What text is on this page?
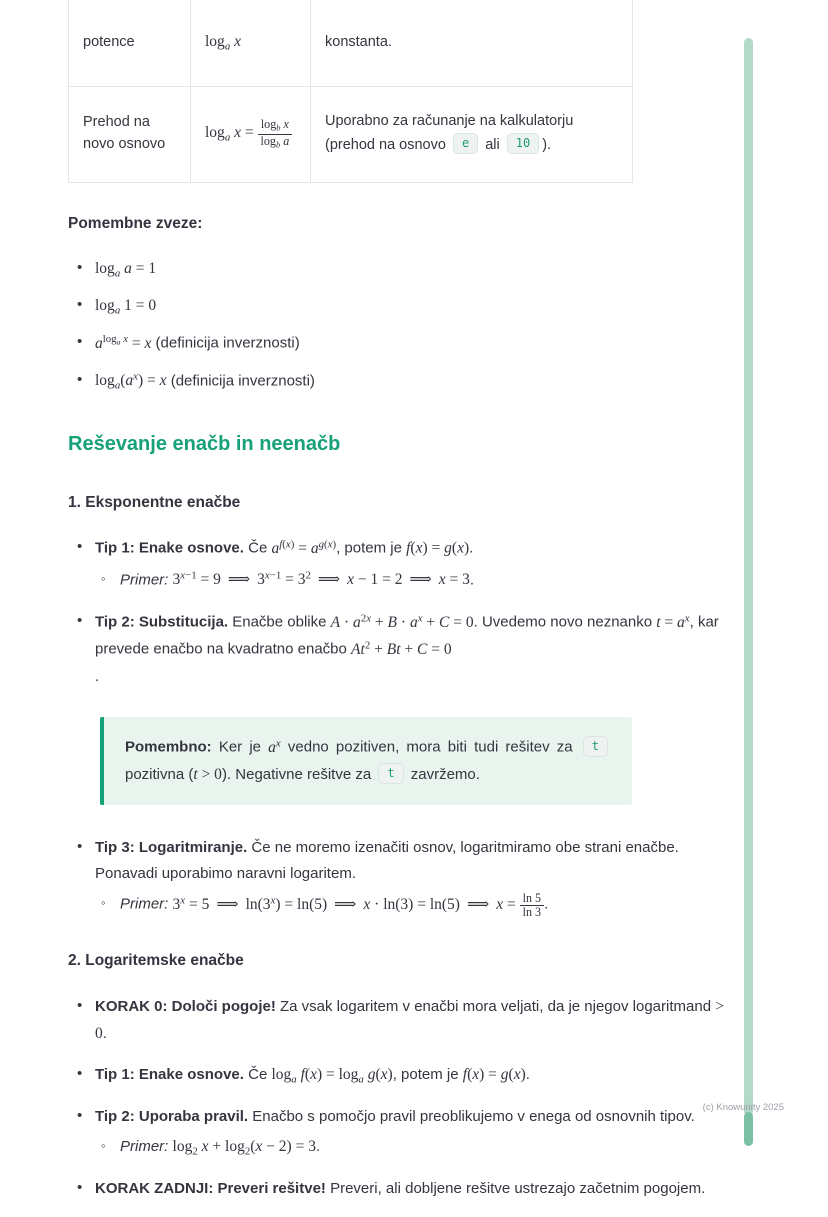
potence	$\log_a x$	konstanta.
Prehod na novo osnovo	$\log_a x = \frac{\log_b x}{\log_b a}$	Uporabno za računanje na kalkulatorju (prehod na osnovo e ali 10 ).

Pomembne zveze:

• $\log_a a = 1$
• $\log_a 1 = 0$
• $a^{log_a x} = x$ (definicija inverznosti)
• $\log_a(a^x) = x$ (definicija inverznosti)
Reševanje enačb in neenačb

1. Eksponentne enačbe

• Tip 1: Enake osnove. Če $a^{f(x)} = a^{g(x)}$, potem je f(x) = g(x).
◦ Primer: $3^{x-1} = 9$ ⟹ $3^{x-1} = 3^2$ ⟹ x − 1 = 2 ⟹ x = 3.
• Tip 2: Substitucija. Enačbe oblike $A \cdot a^{2x} + B \cdot a^x + C = 0$. Uvedemo novo neznanko $t = a^x$, kar prevede enačbo na kvadratno enačbo $At^2 + Bt + C = 0$
.
Pomembno: Ker je $a^x$ vedno pozitiven, mora biti tudi rešitev za t pozitivna (t > 0). Negativne rešitve za t zavržemo.
• Tip 3: Logaritmiranje. Če ne moremo izenačiti osnov, logaritmiramo obe strani enačbe. Ponavadi uporabimo naravni logaritem.
◦ Primer: $3^x = 5$ ⟹ $\ln(3^x) = \ln(5)$ ⟹ x · ln(3) = ln(5) ⟹ $x = \frac{\ln 5}{\ln 3}$ .

2. Logaritemske enačbe

• KORAK 0: Določi pogoje! Za vsak logaritem v enačbi mora veljati, da je njegov logaritmand > 0.
• Tip 1: Enake osnove. Če $\log_a f(x) = \log_a g(x)$, potem je f(x) = g(x).
• Tip 2: Uporaba pravil. Enačbo s pomočjo pravil preoblikujemo v enega od osnovnih tipov.
◦ Primer: $\log_2 x + \log_2(x - 2) = 3$.
• KORAK ZADNJI: Preveri rešitve! Preveri, ali dobljene rešitve ustrezajo začetnim pogojem.
(c) Knowunity 2025
